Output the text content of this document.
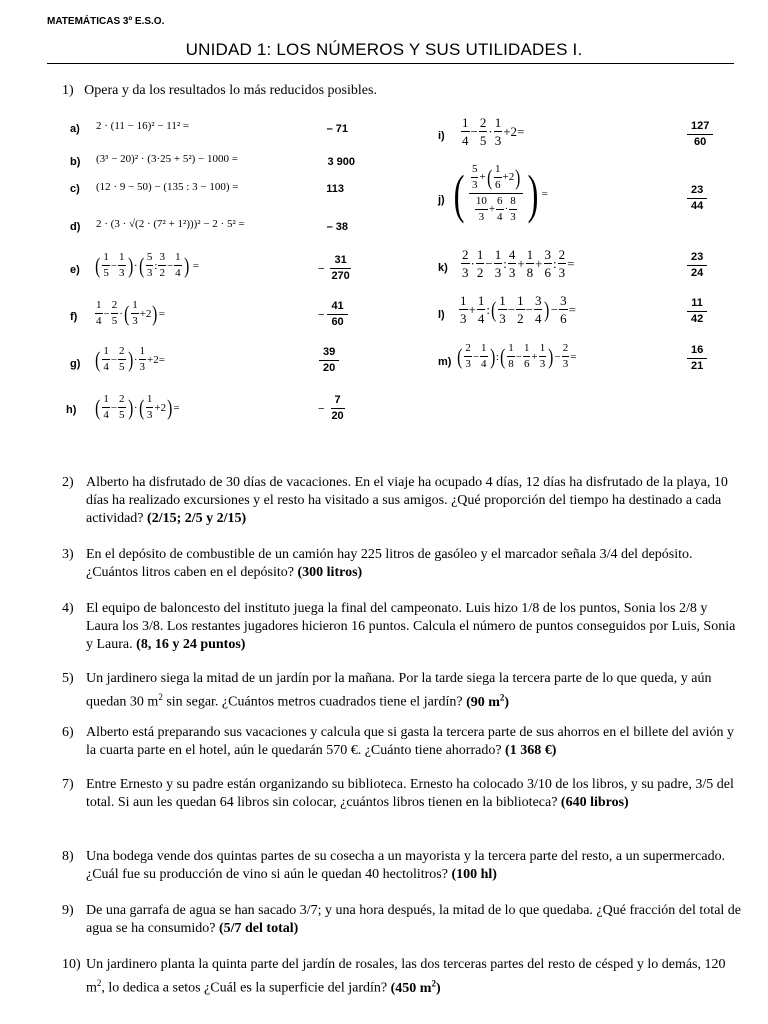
MATEMÁTICAS 3º E.S.O.
UNIDAD 1: LOS NÚMEROS Y SUS UTILIDADES I.
1) Opera y da los resultados lo más reducidos posibles.
a) 2 · (11 − 16)² − 11² =	– 71
b) (3³ − 20)² · (3·25 + 5²) − 1000 =	3 900
c) (12 · 9 − 50) − (135 : 3 − 100) =	113
d) 2 · (3 · √(2 · (7² + 1²)))² − 2 · 5² =	– 38
e) ( $\frac{1}{5} - \frac{1}{3}$ ) · ( $\frac{5}{3}$ : $\frac{3}{2} - \frac{1}{4}$ ) =	− $\frac{31}{270}$
$f) \frac{1}{4} - \frac{2}{5}$ · ( $\frac{1}{3} +2$ ) =	− $\frac{41}{60}$
g) ( $\frac{1}{4} - \frac{2}{5}$ ) · $\frac{1}{3} +2=$	$\frac{39}{20}$
h) ( $\frac{1}{4} - \frac{2}{5}$ ) · ( $\frac{1}{3} +2$ ) =	− $\frac{7}{20}$
$i) \frac{1}{4} - \frac{2}{5} \cdot \frac{1}{3} +2=$	$\frac{127}{60}$
j) ( $\frac{\frac{5}{3} + ( \frac{1}{6} +2 )}{\frac{10}{3} + \frac{6}{4} \cdot \frac{8}{3}}$ ) =	$\frac{23}{44}$
$k) \frac{2}{3} \cdot \frac{1}{2} - \frac{1}{3}$ : $\frac{4}{3} + \frac{1}{8} + \frac{3}{6}$ : $\frac{2}{3}$ =	$\frac{23}{24}$
$l) \frac{1}{3} + \frac{1}{4}$ : ( $\frac{1}{3} - \frac{1}{2} - \frac{3}{4}$ ) − $\frac{3}{6}$ =	$\frac{11}{42}$
m) ( $\frac{2}{3} - \frac{1}{4}$ ) : ( $\frac{1}{8} - \frac{1}{6} + \frac{1}{3}$ ) − $\frac{2}{3}$ =	$\frac{16}{21}$
2) Alberto ha disfrutado de 30 días de vacaciones. En el viaje ha ocupado 4 días, 12 días ha disfrutado de la playa, 10 días ha realizado excursiones y el resto ha visitado a sus amigos. ¿Qué proporción del tiempo ha destinado a cada actividad? (2/15; 2/5 y 2/15)
3) En el depósito de combustible de un camión hay 225 litros de gasóleo y el marcador señala 3/4 del depósito. ¿Cuántos litros caben en el depósito? (300 litros)
4) El equipo de baloncesto del instituto juega la final del campeonato. Luis hizo 1/8 de los puntos, Sonia los 2/8 y Laura los 3/8. Los restantes jugadores hicieron 16 puntos. Calcula el número de puntos conseguidos por Luis, Sonia y Laura. (8, 16 y 24 puntos)
5) Un jardinero siega la mitad de un jardín por la mañana. Por la tarde siega la tercera parte de lo que queda, y aún quedan 30 $m^2$ sin segar. ¿Cuántos metros cuadrados tiene el jardín? (90 $m^2$)
6) Alberto está preparando sus vacaciones y calcula que si gasta la tercera parte de sus ahorros en el billete del avión y la cuarta parte en el hotel, aún le quedarán 570 €. ¿Cuánto tiene ahorrado? (1 368 €)
7) Entre Ernesto y su padre están organizando su biblioteca. Ernesto ha colocado 3/10 de los libros, y su padre, 3/5 del total. Si aun les quedan 64 libros sin colocar, ¿cuántos libros tienen en la biblioteca? (640 libros)
8) Una bodega vende dos quintas partes de su cosecha a un mayorista y la tercera parte del resto, a un supermercado. ¿Cuál fue su producción de vino si aún le quedan 40 hectolitros? (100 hl)
9) De una garrafa de agua se han sacado 3/7; y una hora después, la mitad de lo que quedaba. ¿Qué fracción del total de agua se ha consumido? (5/7 del total)
10) Un jardinero planta la quinta parte del jardín de rosales, las dos terceras partes del resto de césped y lo demás, 120 $m^2$, lo dedica a setos ¿Cuál es la superficie del jardín? (450 $m^2$)
